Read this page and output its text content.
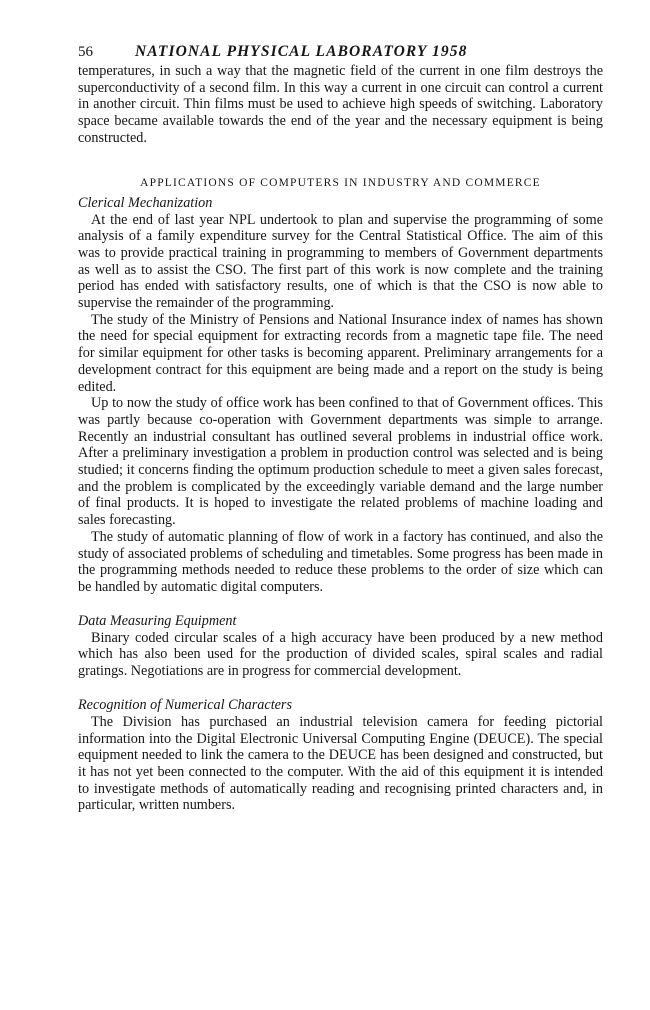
56	NATIONAL PHYSICAL LABORATORY 1958

temperatures, in such a way that the magnetic field of the current in one film destroys the superconductivity of a second film. In this way a current in one circuit can control a current in another circuit. Thin films must be used to achieve high speeds of switching. Laboratory space became available towards the end of the year and the necessary equipment is being constructed.

APPLICATIONS OF COMPUTERS IN INDUSTRY AND COMMERCE
Clerical Mechanization

At the end of last year NPL undertook to plan and supervise the programming of some analysis of a family expenditure survey for the Central Statistical Office. The aim of this was to provide practical training in programming to members of Government departments as well as to assist the CSO. The first part of this work is now complete and the training period has ended with satisfactory results, one of which is that the CSO is now able to supervise the remainder of the programming.

The study of the Ministry of Pensions and National Insurance index of names has shown the need for special equipment for extracting records from a magnetic tape file. The need for similar equipment for other tasks is becoming apparent. Preliminary arrangements for a development contract for this equipment are being made and a report on the study is being edited.

Up to now the study of office work has been confined to that of Government offices. This was partly because co-operation with Government departments was simple to arrange. Recently an industrial consultant has outlined several problems in industrial office work. After a preliminary investigation a problem in production control was selected and is being studied; it concerns finding the optimum production schedule to meet a given sales forecast, and the problem is complicated by the exceedingly variable demand and the large number of final products. It is hoped to investigate the related problems of machine loading and sales forecasting.

The study of automatic planning of flow of work in a factory has continued, and also the study of associated problems of scheduling and timetables. Some progress has been made in the programming methods needed to reduce these problems to the order of size which can be handled by automatic digital computers.

Data Measuring Equipment

Binary coded circular scales of a high accuracy have been produced by a new method which has also been used for the production of divided scales, spiral scales and radial gratings. Negotiations are in progress for commercial development.

Recognition of Numerical Characters

The Division has purchased an industrial television camera for feeding pictorial information into the Digital Electronic Universal Computing Engine (DEUCE). The special equipment needed to link the camera to the DEUCE has been designed and constructed, but it has not yet been connected to the computer. With the aid of this equipment it is intended to investigate methods of automatically reading and recognising printed characters and, in particular, written numbers.
